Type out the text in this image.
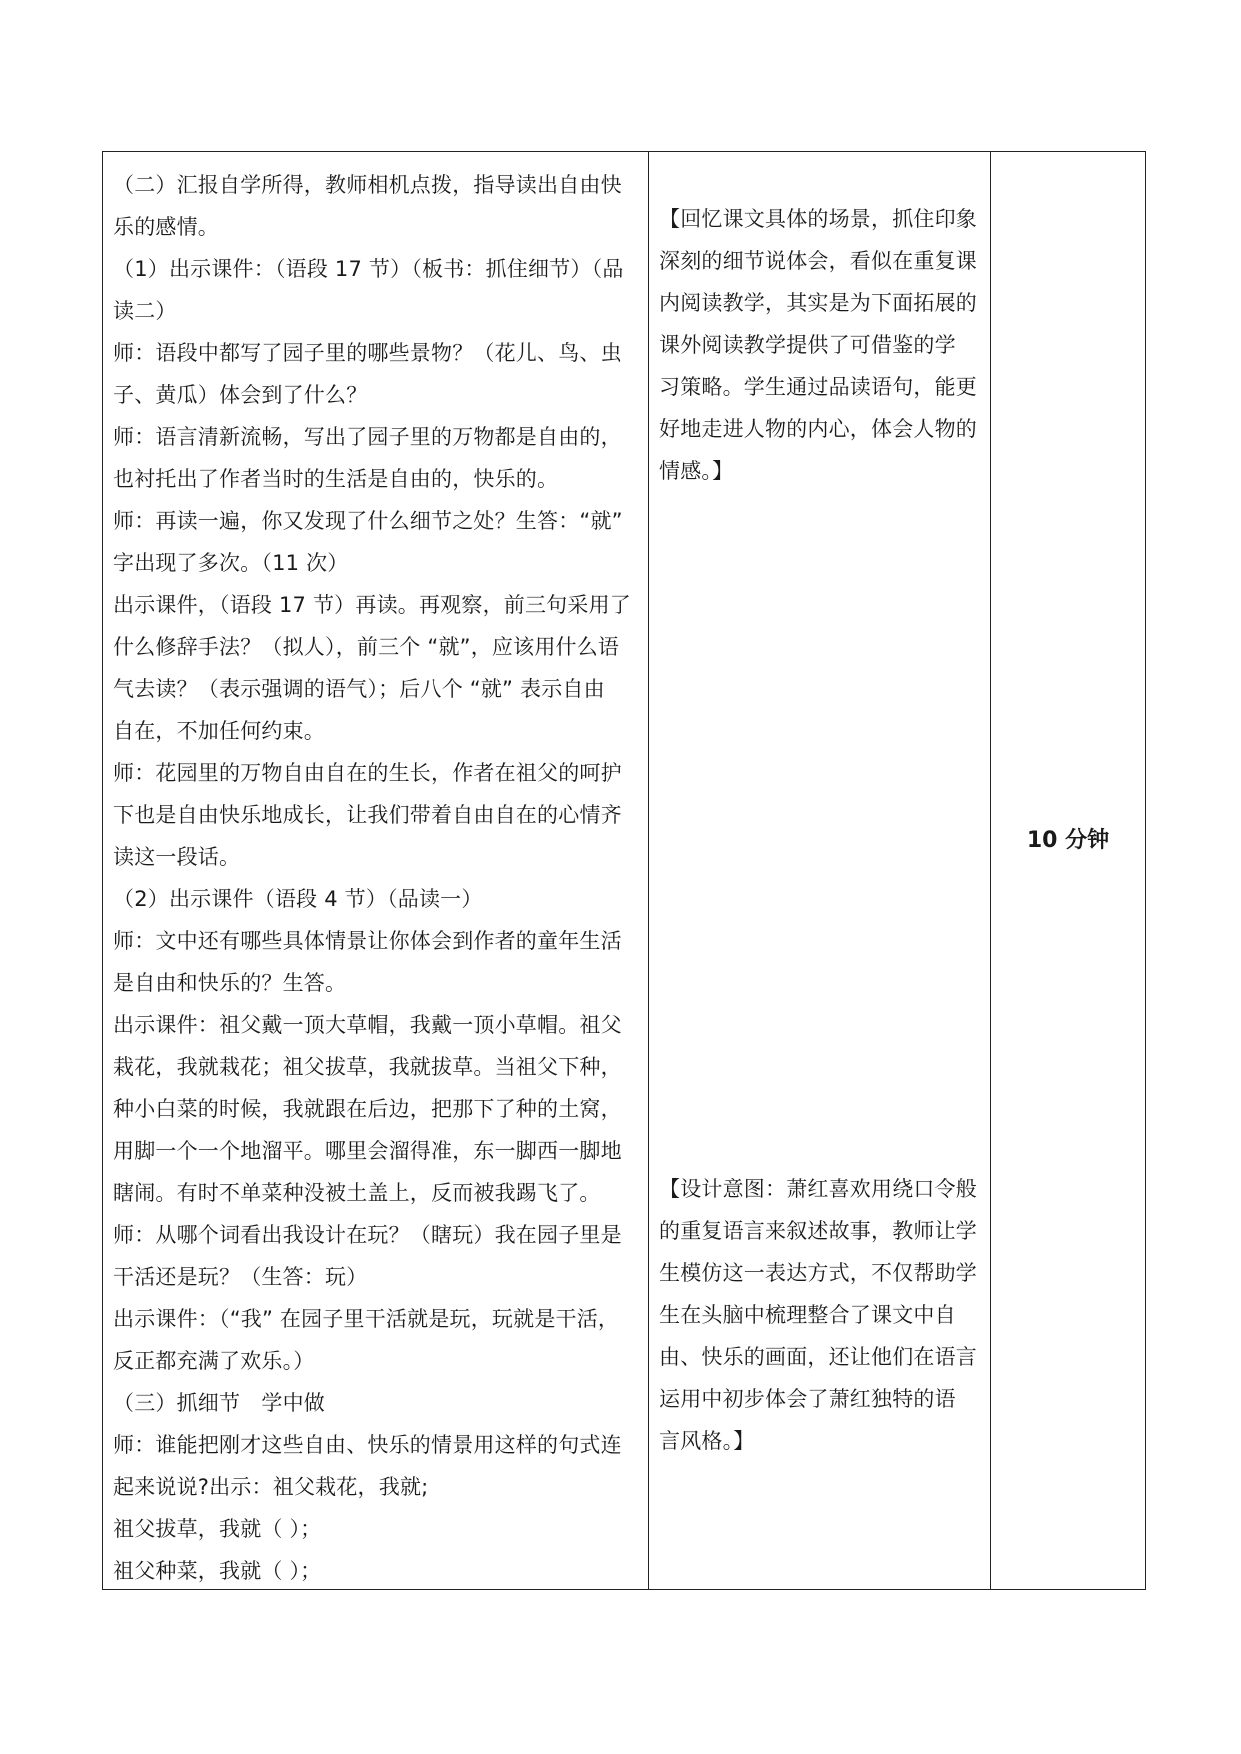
（二）汇报自学所得，教师相机点拨，指导读出自由快
乐的感情。
（1）出示课件：（语段 17 节）（板书：抓住细节）（品
读二）
师：语段中都写了园子里的哪些景物？（花儿、鸟、虫
子、黄瓜）体会到了什么？
师：语言清新流畅，写出了园子里的万物都是自由的，
也衬托出了作者当时的生活是自由的，快乐的。
师：再读一遍，你又发现了什么细节之处？生答：“就”
字出现了多次。（11 次）
出示课件，（语段 17 节）再读。再观察，前三句采用了
什么修辞手法？（拟人），前三个 “就”，应该用什么语
气去读？（表示强调的语气）；后八个 “就” 表示自由
自在，不加任何约束。
师：花园里的万物自由自在的生长，作者在祖父的呵护
下也是自由快乐地成长，让我们带着自由自在的心情齐
读这一段话。
（2）出示课件（语段 4 节）（品读一）
师：文中还有哪些具体情景让你体会到作者的童年生活
是自由和快乐的？生答。
出示课件：祖父戴一顶大草帽，我戴一顶小草帽。祖父
栽花，我就栽花；祖父拔草，我就拔草。当祖父下种，
种小白菜的时候，我就跟在后边，把那下了种的土窝，
用脚一个一个地溜平。哪里会溜得准，东一脚西一脚地
瞎闹。有时不单菜种没被土盖上，反而被我踢飞了。
师：从哪个词看出我设计在玩？（瞎玩）我在园子里是
干活还是玩？（生答：玩）
出示课件：（“我” 在园子里干活就是玩，玩就是干活，
反正都充满了欢乐。）
（三）抓细节　学中做
师：谁能把刚才这些自由、快乐的情景用这样的句式连
起来说说?出示：祖父栽花，我就;
祖父拔草，我就（ ）；
祖父种菜，我就（ ）；
【回忆课文具体的场景，抓住印象
深刻的细节说体会，看似在重复课
内阅读教学，其实是为下面拓展的
课外阅读教学提供了可借鉴的学
习策略。学生通过品读语句，能更
好地走进人物的内心，体会人物的
情感。】
【设计意图：萧红喜欢用绕口令般
的重复语言来叙述故事，教师让学
生模仿这一表达方式，不仅帮助学
生在头脑中梳理整合了课文中自
由、快乐的画面，还让他们在语言
运用中初步体会了萧红独特的语
言风格。】
10 分钟
